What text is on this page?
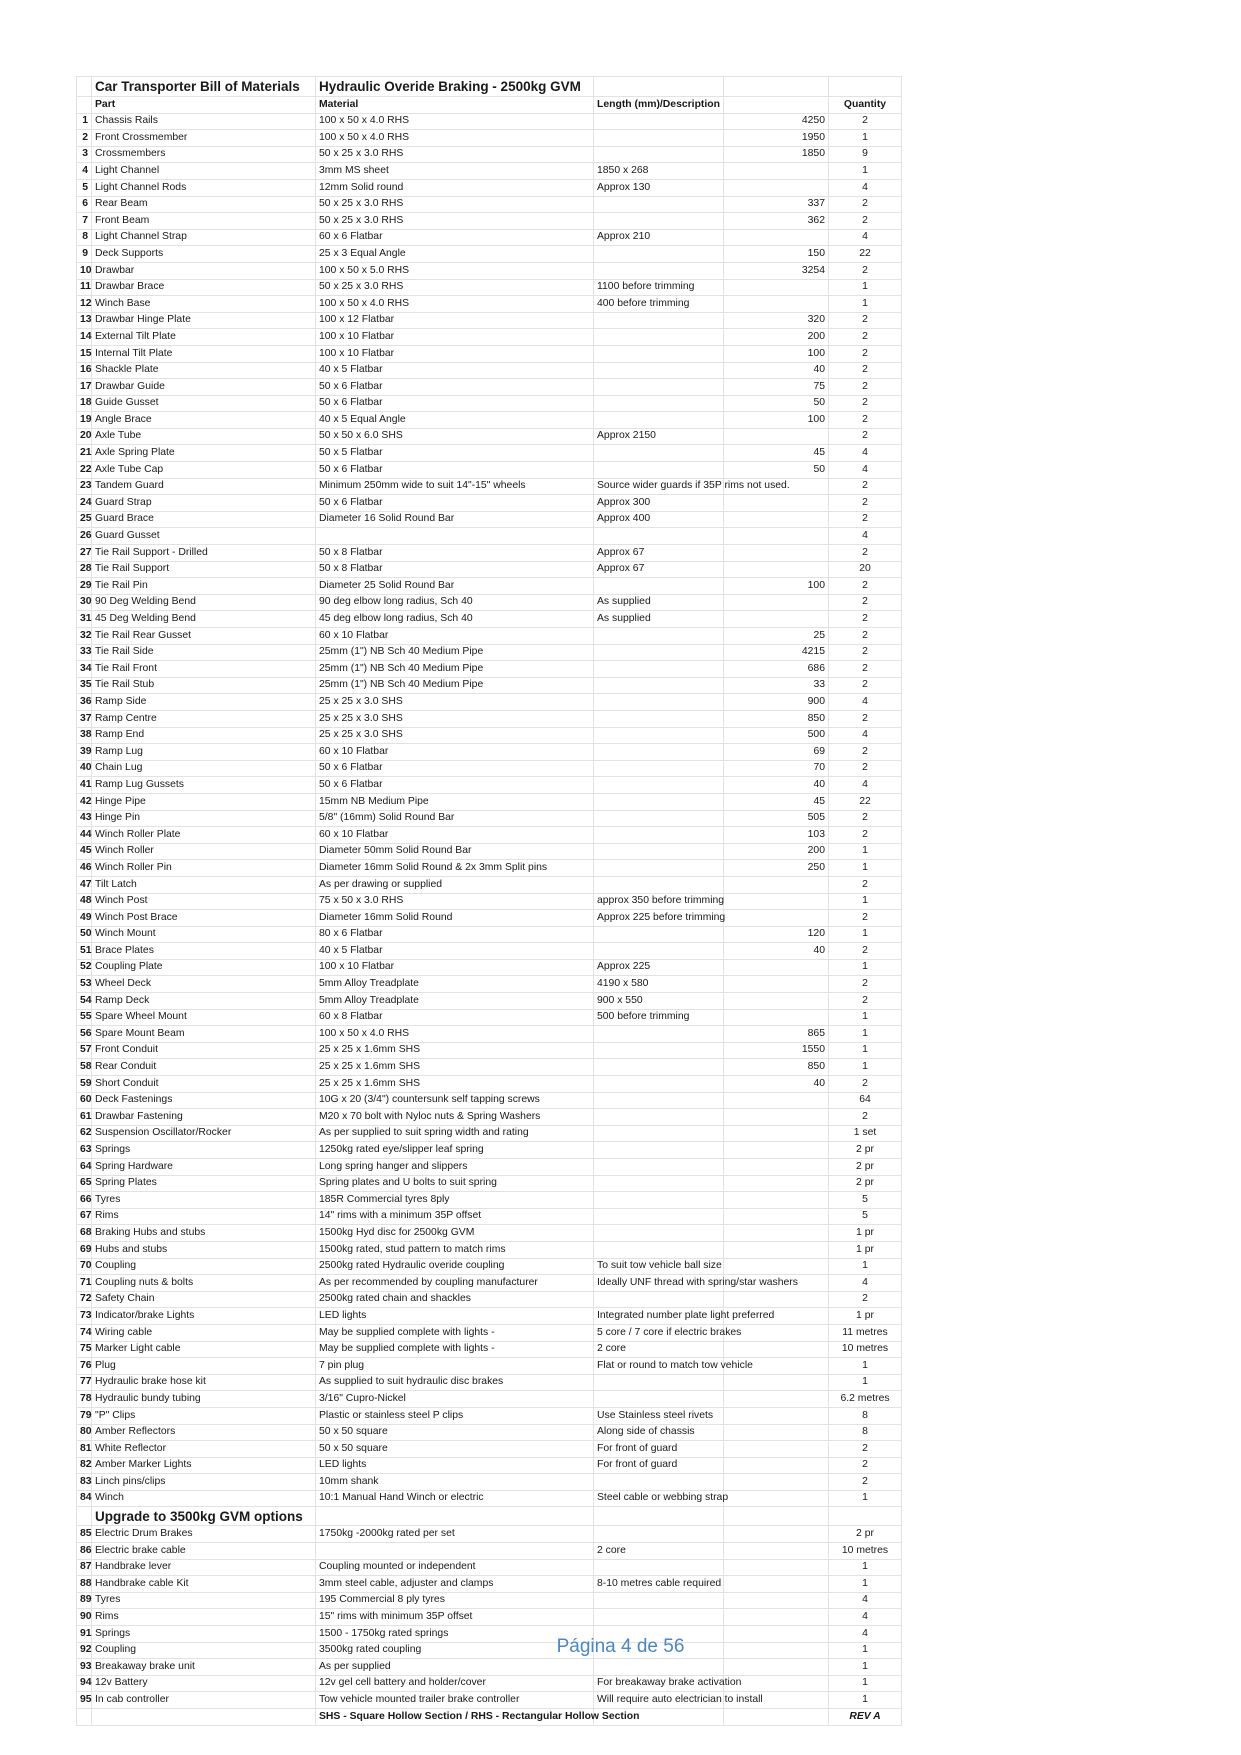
	Car Transporter Bill of Materials	Hydraulic Overide Braking - 2500kg GVM			
	Part	Material	Length (mm)/Description		Quantity
1	Chassis Rails	100 x 50 x 4.0 RHS		4250	2
2	Front Crossmember	100 x 50 x 4.0 RHS		1950	1
3	Crossmembers	50 x 25 x 3.0 RHS		1850	9
4	Light Channel	3mm MS sheet	1850 x 268		1
5	Light Channel Rods	12mm Solid round	Approx 130		4
6	Rear Beam	50 x 25 x 3.0 RHS		337	2
7	Front Beam	50 x 25 x 3.0 RHS		362	2
8	Light Channel Strap	60 x 6 Flatbar	Approx 210		4
9	Deck Supports	25 x 3 Equal Angle		150	22
10	Drawbar	100 x 50 x 5.0 RHS		3254	2
11	Drawbar Brace	50 x 25 x 3.0 RHS	1100 before trimming		1
12	Winch Base	100 x 50 x 4.0 RHS	400 before trimming		1
13	Drawbar Hinge Plate	100 x 12 Flatbar		320	2
14	External Tilt Plate	100 x 10 Flatbar		200	2
15	Internal Tilt Plate	100 x 10 Flatbar		100	2
16	Shackle Plate	40 x 5 Flatbar		40	2
17	Drawbar Guide	50 x 6 Flatbar		75	2
18	Guide Gusset	50 x 6 Flatbar		50	2
19	Angle Brace	40 x 5 Equal Angle		100	2
20	Axle Tube	50 x 50 x 6.0 SHS	Approx 2150		2
21	Axle Spring Plate	50 x 5 Flatbar		45	4
22	Axle Tube Cap	50 x 6 Flatbar		50	4
23	Tandem Guard	Minimum 250mm wide to suit 14"-15" wheels	Source wider guards if 35P rims not used.		2
24	Guard Strap	50 x 6 Flatbar	Approx 300		2
25	Guard Brace	Diameter 16 Solid Round Bar	Approx 400		2
26	Guard Gusset				4
27	Tie Rail Support - Drilled	50 x 8 Flatbar	Approx 67		2
28	Tie Rail Support	50 x 8 Flatbar	Approx 67		20
29	Tie Rail Pin	Diameter 25 Solid Round Bar		100	2
30	90 Deg Welding Bend	90 deg elbow long radius, Sch 40	As supplied		2
31	45 Deg Welding Bend	45 deg elbow long radius, Sch 40	As supplied		2
32	Tie Rail Rear Gusset	60 x 10 Flatbar		25	2
33	Tie Rail Side	25mm (1") NB Sch 40 Medium Pipe		4215	2
34	Tie Rail Front	25mm (1") NB Sch 40 Medium Pipe		686	2
35	Tie Rail Stub	25mm (1") NB Sch 40 Medium Pipe		33	2
36	Ramp Side	25 x 25 x 3.0 SHS		900	4
37	Ramp Centre	25 x 25 x 3.0 SHS		850	2
38	Ramp End	25 x 25 x 3.0 SHS		500	4
39	Ramp Lug	60 x 10 Flatbar		69	2
40	Chain Lug	50 x 6 Flatbar		70	2
41	Ramp Lug Gussets	50 x 6 Flatbar		40	4
42	Hinge Pipe	15mm NB Medium Pipe		45	22
43	Hinge Pin	5/8" (16mm) Solid Round Bar		505	2
44	Winch Roller Plate	60 x 10 Flatbar		103	2
45	Winch Roller	Diameter 50mm Solid Round Bar		200	1
46	Winch Roller Pin	Diameter 16mm Solid Round & 2x 3mm Split pins		250	1
47	Tilt Latch	As per drawing or supplied			2
48	Winch Post	75 x 50 x 3.0 RHS	approx 350 before trimming		1
49	Winch Post Brace	Diameter 16mm Solid Round	Approx 225 before trimming		2
50	Winch Mount	80 x 6 Flatbar		120	1
51	Brace Plates	40 x 5 Flatbar		40	2
52	Coupling Plate	100 x 10 Flatbar	Approx 225		1
53	Wheel Deck	5mm Alloy Treadplate	4190 x 580		2
54	Ramp Deck	5mm Alloy Treadplate	900 x 550		2
55	Spare Wheel Mount	60 x 8 Flatbar	500 before trimming		1
56	Spare Mount Beam	100 x 50 x 4.0 RHS		865	1
57	Front Conduit	25 x 25 x 1.6mm SHS		1550	1
58	Rear Conduit	25 x 25 x 1.6mm SHS		850	1
59	Short Conduit	25 x 25 x 1.6mm SHS		40	2
60	Deck Fastenings	10G x 20 (3/4") countersunk self tapping screws			64
61	Drawbar Fastening	M20 x 70 bolt with Nyloc nuts & Spring Washers			2
62	Suspension Oscillator/Rocker	As per supplied to suit spring width and rating			1 set
63	Springs	1250kg rated eye/slipper leaf spring			2 pr
64	Spring Hardware	Long spring hanger and slippers			2 pr
65	Spring Plates	Spring plates and U bolts to suit spring			2 pr
66	Tyres	185R Commercial tyres 8ply			5
67	Rims	14" rims with a minimum 35P offset			5
68	Braking Hubs and stubs	1500kg Hyd disc for 2500kg GVM			1 pr
69	Hubs and stubs	1500kg rated, stud pattern to match rims			1 pr
70	Coupling	2500kg rated Hydraulic overide coupling	To suit tow vehicle ball size		1
71	Coupling nuts & bolts	As per recommended by coupling manufacturer	Ideally UNF thread with spring/star washers		4
72	Safety Chain	2500kg rated chain and shackles			2
73	Indicator/brake Lights	LED lights	Integrated number plate light preferred		1 pr
74	Wiring cable	May be supplied complete with lights -	5 core / 7 core if electric brakes		11 metres
75	Marker Light cable	May be supplied complete with lights -	2 core		10 metres
76	Plug	7 pin plug	Flat or round to match tow vehicle		1
77	Hydraulic brake hose kit	As supplied to suit hydraulic disc brakes			1
78	Hydraulic bundy tubing	3/16" Cupro-Nickel			6.2 metres
79	"P" Clips	Plastic or stainless steel P clips	Use Stainless steel rivets		8
80	Amber Reflectors	50 x 50 square	Along side of chassis		8
81	White Reflector	50 x 50 square	For front of guard		2
82	Amber Marker Lights	LED lights	For front of guard		2
83	Linch pins/clips	10mm shank			2
84	Winch	10:1 Manual Hand Winch or electric	Steel cable or webbing strap		1
	Upgrade to 3500kg GVM options				
85	Electric Drum Brakes	1750kg -2000kg rated per set			2 pr
86	Electric brake cable		2 core		10 metres
87	Handbrake lever	Coupling mounted or independent			1
88	Handbrake cable Kit	3mm steel cable, adjuster and clamps	8-10 metres cable required		1
89	Tyres	195 Commercial 8 ply tyres			4
90	Rims	15" rims with minimum 35P offset			4
91	Springs	1500 - 1750kg rated springs			4
92	Coupling	3500kg rated coupling			1
93	Breakaway brake unit	As per supplied			1
94	12v Battery	12v gel cell battery and holder/cover	For breakaway brake activation		1
95	In cab controller	Tow vehicle mounted trailer brake controller	Will require auto electrician to install		1
		SHS - Square Hollow Section / RHS - Rectangular Hollow Section			REV A
Página 4 de 56
